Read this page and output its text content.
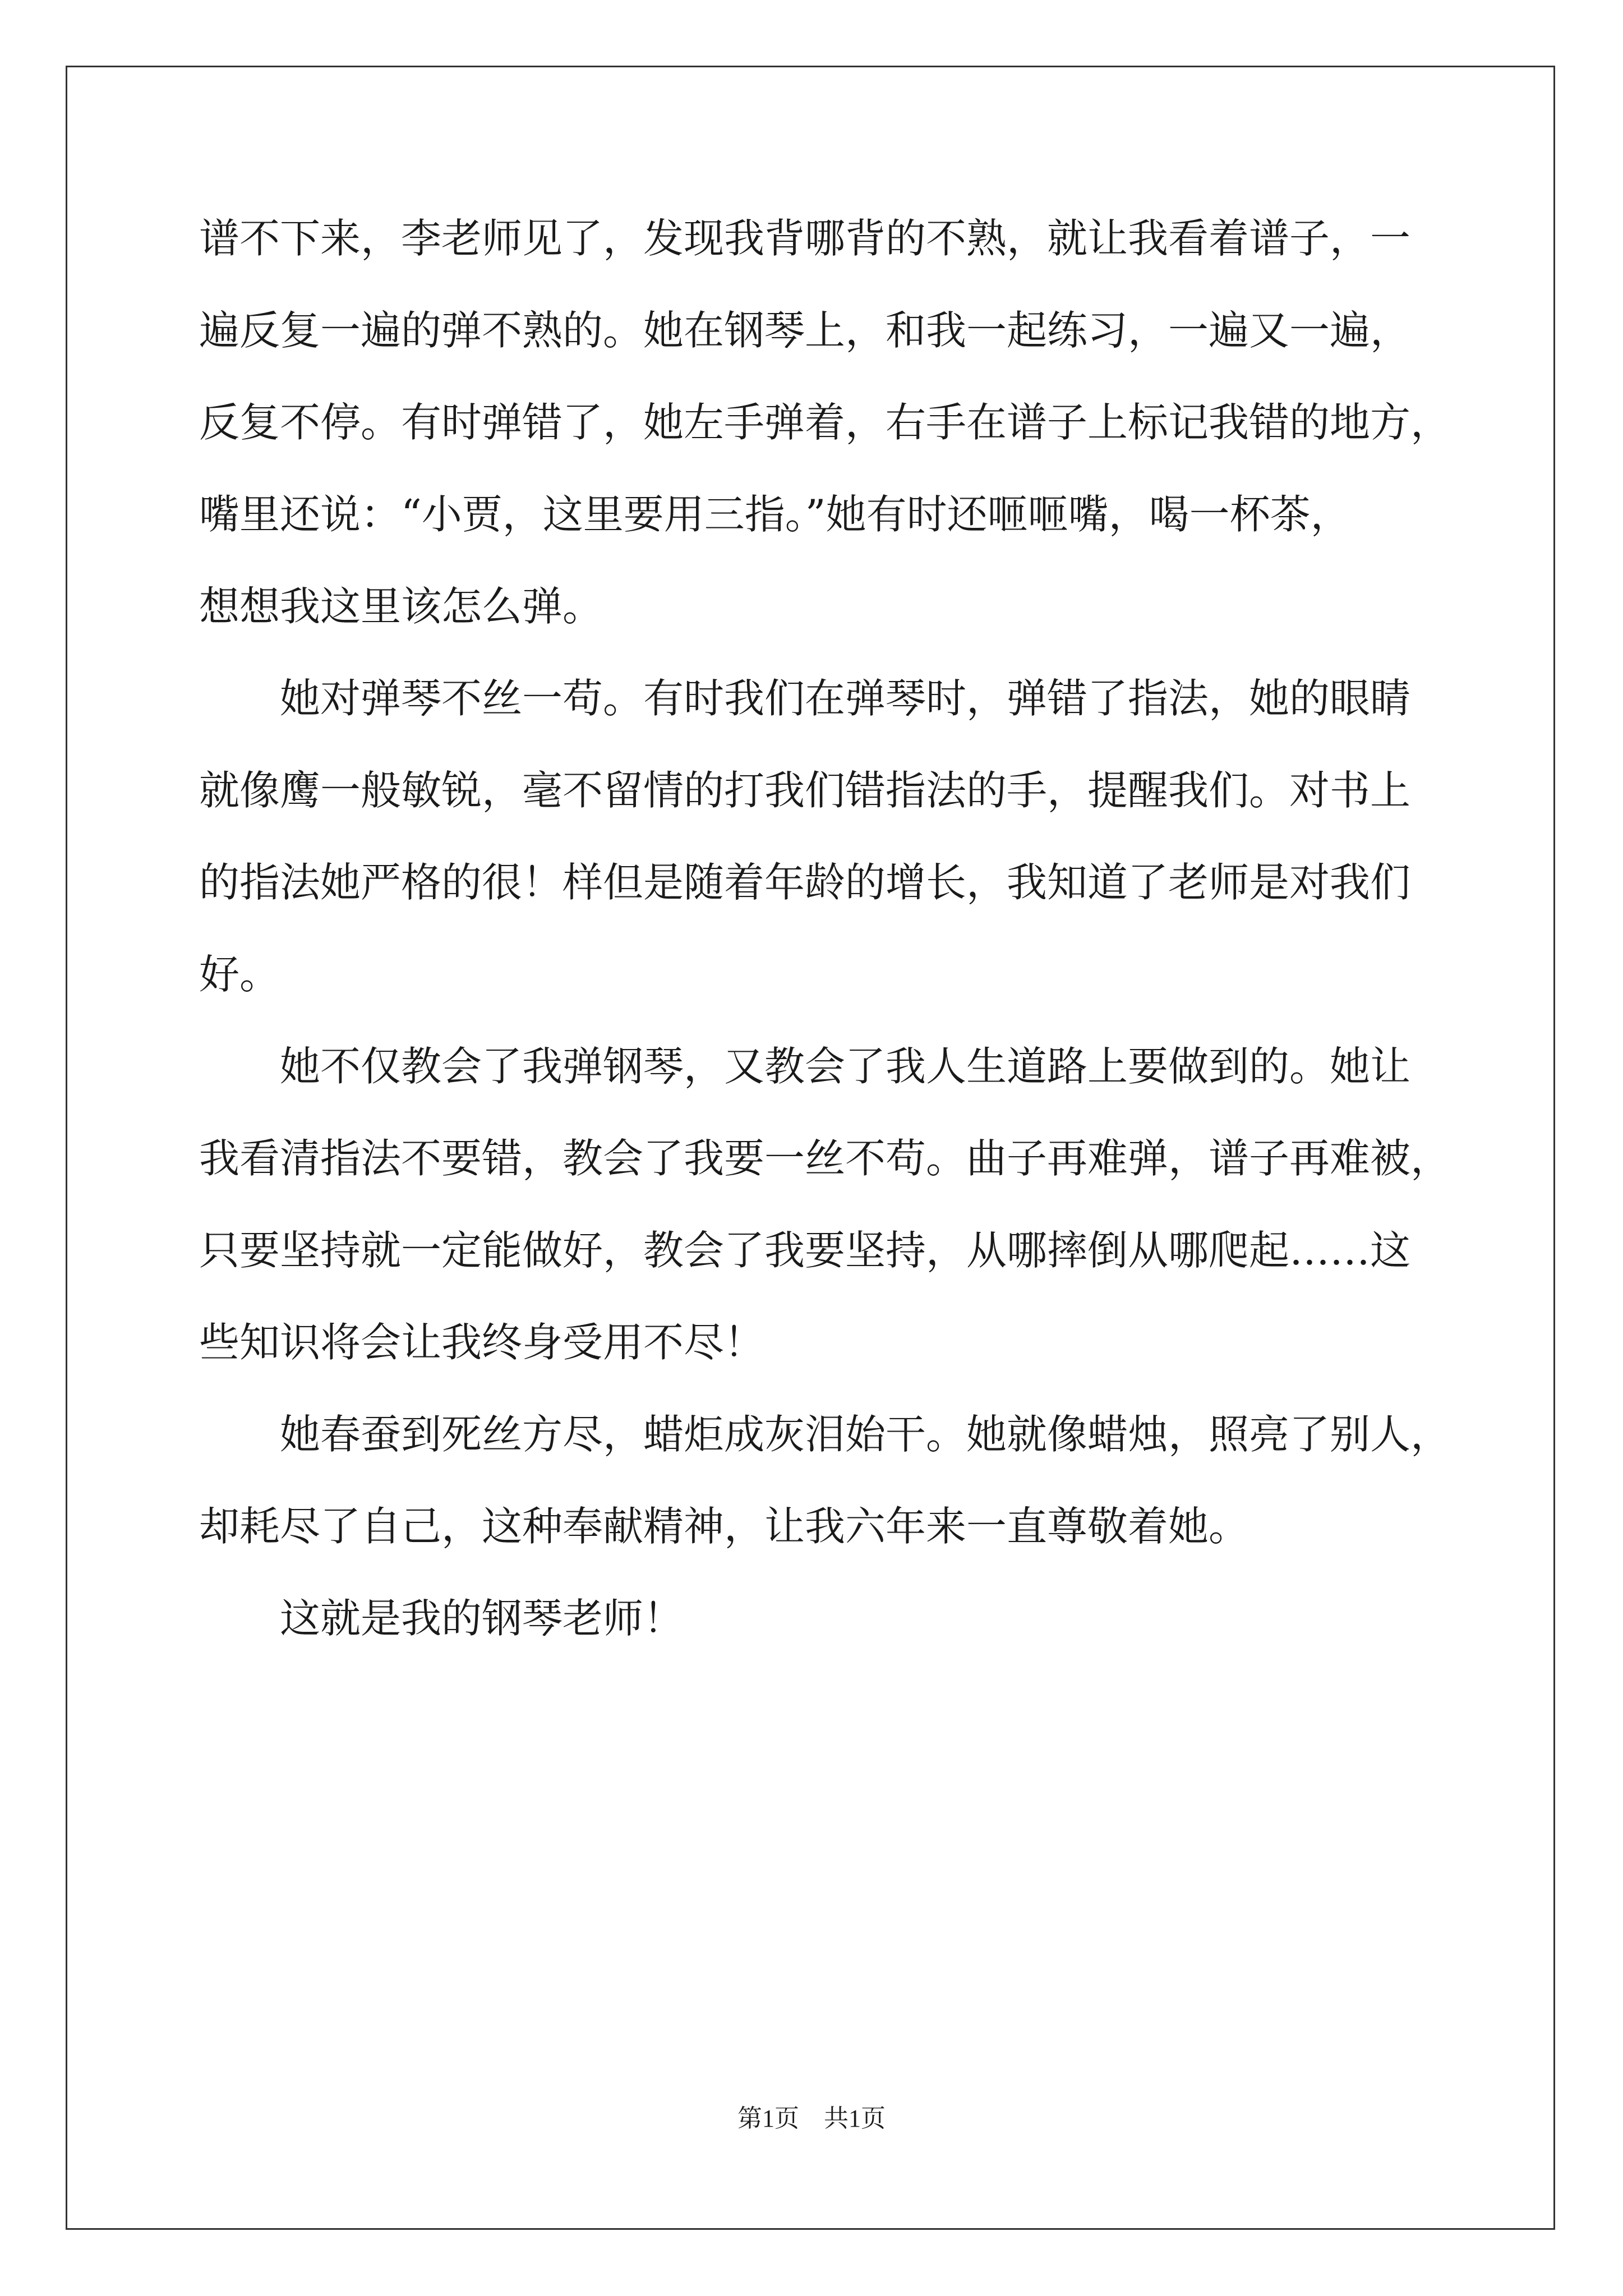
谱不下来，李老师见了，发现我背哪背的不熟，就让我看着谱子，一
遍反复一遍的弹不熟的。她在钢琴上，和我一起练习，一遍又一遍，
反复不停。有时弹错了，她左手弹着，右手在谱子上标记我错的地方，
嘴里还说：“小贾，这里要用三指。”她有时还咂咂嘴，喝一杯茶，
想想我这里该怎么弹。
她对弹琴不丝一苟。有时我们在弹琴时，弹错了指法，她的眼睛
就像鹰一般敏锐，毫不留情的打我们错指法的手，提醒我们。对书上
的指法她严格的很！样但是随着年龄的增长，我知道了老师是对我们
好。
她不仅教会了我弹钢琴，又教会了我人生道路上要做到的。她让
我看清指法不要错，教会了我要一丝不苟。曲子再难弹，谱子再难被，
只要坚持就一定能做好，教会了我要坚持，从哪摔倒从哪爬起……这
些知识将会让我终身受用不尽！
她春蚕到死丝方尽，蜡炬成灰泪始干。她就像蜡烛，照亮了别人，
却耗尽了自己，这种奉献精神，让我六年来一直尊敬着她。
这就是我的钢琴老师！
第1页　共1页
